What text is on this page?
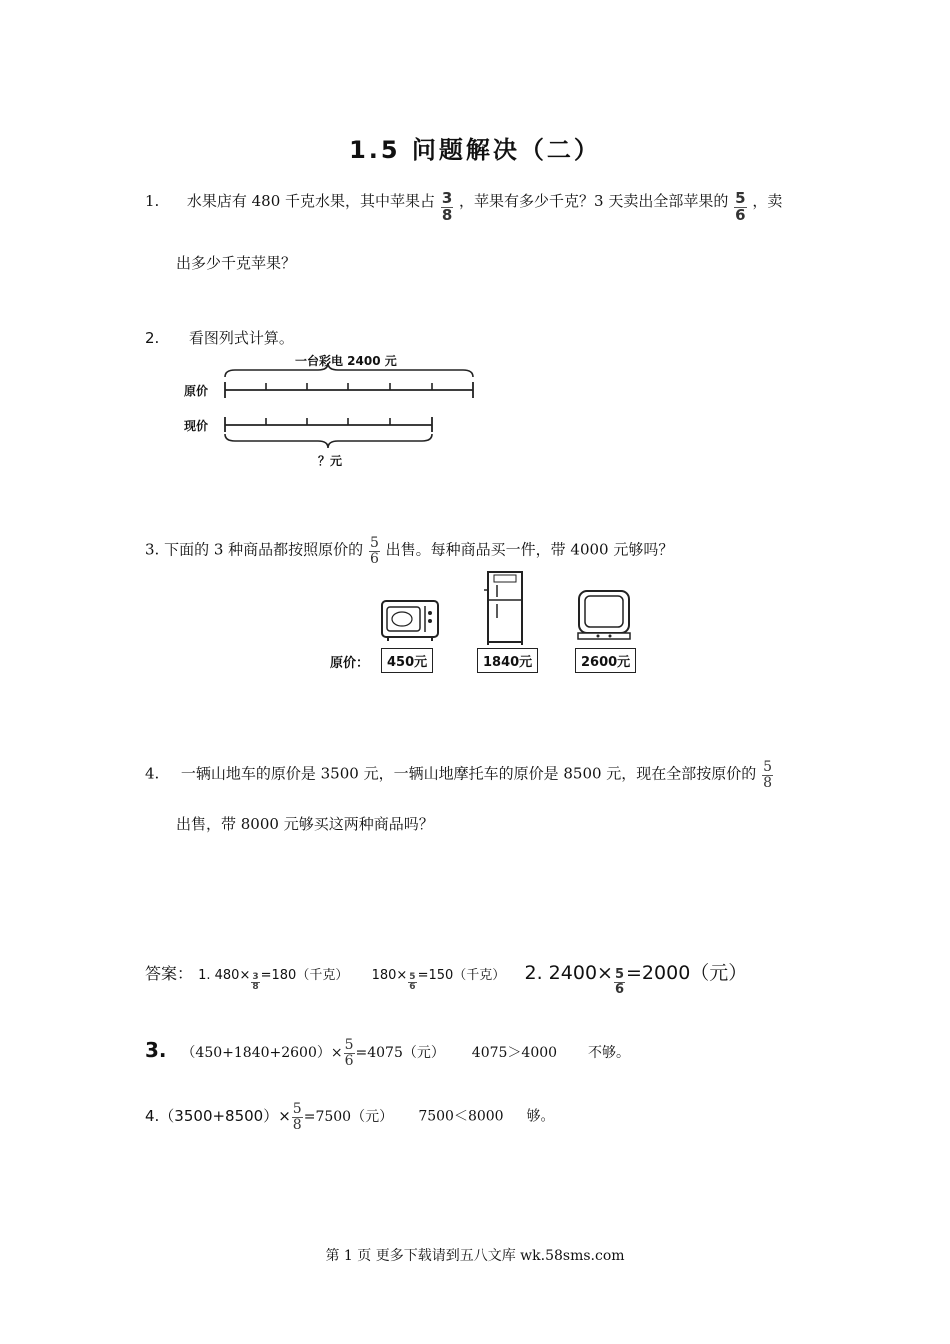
1.5 问题解决（二）
1. 水果店有 480 千克水果，其中苹果占 $\frac{3}{8}$ ，苹果有多少千克？3 天卖出全部苹果的 $\frac{5}{6}$ ，卖
出多少千克苹果？
2. 看图列式计算。
一台彩电 2400 元
原价
现价
？元
3. 下面的 3 种商品都按照原价的 $\frac{5}{6}$ 出售。每种商品买一件，带 4000 元够吗？
原价：	450元	1840元	2600元
4. 一辆山地车的原价是 3500 元，一辆山地摩托车的原价是 8500 元，现在全部按原价的 $\frac{5}{8}$
出售，带 8000 元够买这两种商品吗？
答案： 1. $480\times \frac{3}{8} =180$（千克） $180\times \frac{5}{6} =150$（千克） 2. $2400\times \frac{5}{6} =2000$（元）
3. $(450+1840+2600)\times \frac{5}{6} =4075$（元） 4075＞4000 不够。
$4.(3500+8500)\times \frac{5}{8} =7500$（元） 7500＜8000 够。
第 1 页 更多下载请到五八文库 wk.58sms.com
